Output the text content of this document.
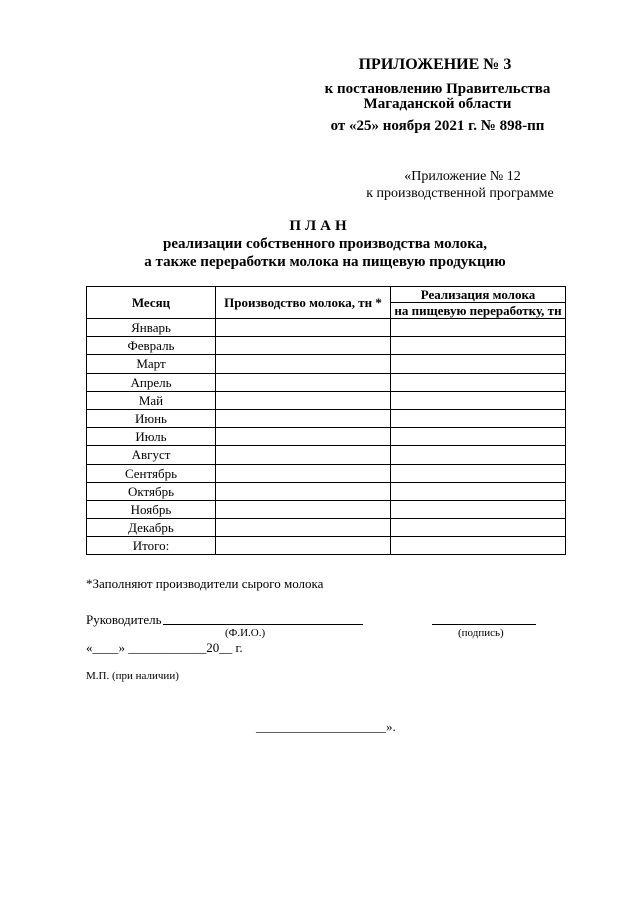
ПРИЛОЖЕНИЕ № 3
к постановлению Правительства
Магаданской области
от «25» ноября 2021 г. № 898-пп
«Приложение № 12
к производственной программе
ПЛАН
реализации собственного производства молока,
а также переработки молока на пищевую продукцию
Месяц	Производство молока, тн *	Реализация молока
на пищевую переработку, тн

Январь		
Февраль		
Март		
Апрель		
Май		
Июнь		
Июль		
Август		
Сентябрь		
Октябрь		
Ноябрь		
Декабрь		
Итого:		
*Заполняют производители сырого молока
Руководитель
(Ф.И.О.)	(подпись)
«____» ____________20__ г.
М.П. (при наличии)
____________________».
